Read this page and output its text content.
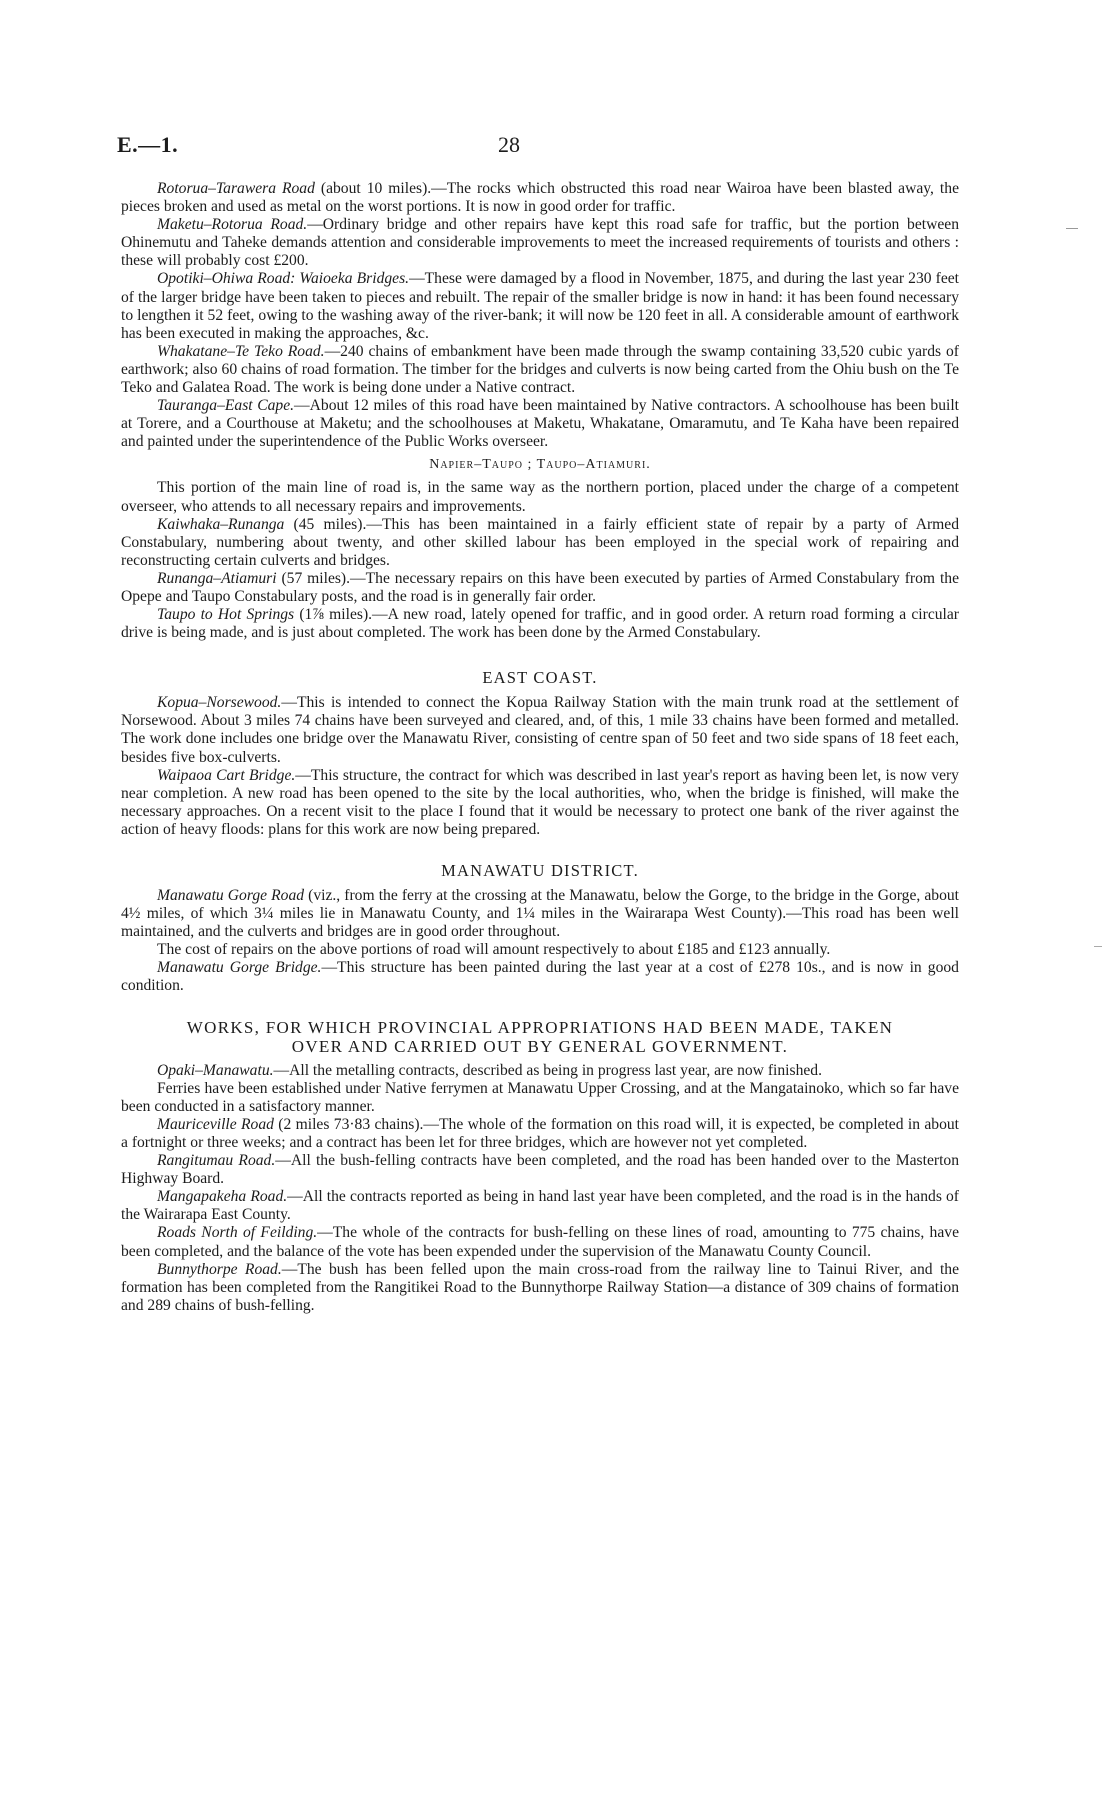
E.—1.	28

Rotorua–Tarawera Road (about 10 miles).—The rocks which obstructed this road near Wairoa have been blasted away, the pieces broken and used as metal on the worst portions. It is now in good order for traffic.

Maketu–Rotorua Road.—Ordinary bridge and other repairs have kept this road safe for traffic, but the portion between Ohinemutu and Taheke demands attention and considerable improvements to meet the increased requirements of tourists and others : these will probably cost £200.

Opotiki–Ohiwa Road: Waioeka Bridges.—These were damaged by a flood in November, 1875, and during the last year 230 feet of the larger bridge have been taken to pieces and rebuilt. The repair of the smaller bridge is now in hand: it has been found necessary to lengthen it 52 feet, owing to the washing away of the river-bank; it will now be 120 feet in all. A considerable amount of earthwork has been executed in making the approaches, &c.

Whakatane–Te Teko Road.—240 chains of embankment have been made through the swamp containing 33,520 cubic yards of earthwork; also 60 chains of road formation. The timber for the bridges and culverts is now being carted from the Ohiu bush on the Te Teko and Galatea Road. The work is being done under a Native contract.

Tauranga–East Cape.—About 12 miles of this road have been maintained by Native contractors. A schoolhouse has been built at Torere, and a Courthouse at Maketu; and the schoolhouses at Maketu, Whakatane, Omaramutu, and Te Kaha have been repaired and painted under the superintendence of the Public Works overseer.

Napier–Taupo ; Taupo–Atiamuri.

This portion of the main line of road is, in the same way as the northern portion, placed under the charge of a competent overseer, who attends to all necessary repairs and improvements.

Kaiwhaka–Runanga (45 miles).—This has been maintained in a fairly efficient state of repair by a party of Armed Constabulary, numbering about twenty, and other skilled labour has been employed in the special work of repairing and reconstructing certain culverts and bridges.

Runanga–Atiamuri (57 miles).—The necessary repairs on this have been executed by parties of Armed Constabulary from the Opepe and Taupo Constabulary posts, and the road is in generally fair order.

Taupo to Hot Springs (1⅞ miles).—A new road, lately opened for traffic, and in good order. A return road forming a circular drive is being made, and is just about completed. The work has been done by the Armed Constabulary.

EAST COAST.

Kopua–Norsewood.—This is intended to connect the Kopua Railway Station with the main trunk road at the settlement of Norsewood. About 3 miles 74 chains have been surveyed and cleared, and, of this, 1 mile 33 chains have been formed and metalled. The work done includes one bridge over the Manawatu River, consisting of centre span of 50 feet and two side spans of 18 feet each, besides five box-culverts.

Waipaoa Cart Bridge.—This structure, the contract for which was described in last year's report as having been let, is now very near completion. A new road has been opened to the site by the local authorities, who, when the bridge is finished, will make the necessary approaches. On a recent visit to the place I found that it would be necessary to protect one bank of the river against the action of heavy floods: plans for this work are now being prepared.

MANAWATU DISTRICT.

Manawatu Gorge Road (viz., from the ferry at the crossing at the Manawatu, below the Gorge, to the bridge in the Gorge, about 4½ miles, of which 3¼ miles lie in Manawatu County, and 1¼ miles in the Wairarapa West County).—This road has been well maintained, and the culverts and bridges are in good order throughout.

The cost of repairs on the above portions of road will amount respectively to about £185 and £123 annually.

Manawatu Gorge Bridge.—This structure has been painted during the last year at a cost of £278 10s., and is now in good condition.

WORKS, FOR WHICH PROVINCIAL APPROPRIATIONS HAD BEEN MADE, TAKEN

OVER AND CARRIED OUT BY GENERAL GOVERNMENT.

Opaki–Manawatu.—All the metalling contracts, described as being in progress last year, are now finished.

Ferries have been established under Native ferrymen at Manawatu Upper Crossing, and at the Mangatainoko, which so far have been conducted in a satisfactory manner.

Mauriceville Road (2 miles 73·83 chains).—The whole of the formation on this road will, it is expected, be completed in about a fortnight or three weeks; and a contract has been let for three bridges, which are however not yet completed.

Rangitumau Road.—All the bush-felling contracts have been completed, and the road has been handed over to the Masterton Highway Board.

Mangapakeha Road.—All the contracts reported as being in hand last year have been completed, and the road is in the hands of the Wairarapa East County.

Roads North of Feilding.—The whole of the contracts for bush-felling on these lines of road, amounting to 775 chains, have been completed, and the balance of the vote has been expended under the supervision of the Manawatu County Council.

Bunnythorpe Road.—The bush has been felled upon the main cross-road from the railway line to Tainui River, and the formation has been completed from the Rangitikei Road to the Bunnythorpe Railway Station—a distance of 309 chains of formation and 289 chains of bush-felling.
